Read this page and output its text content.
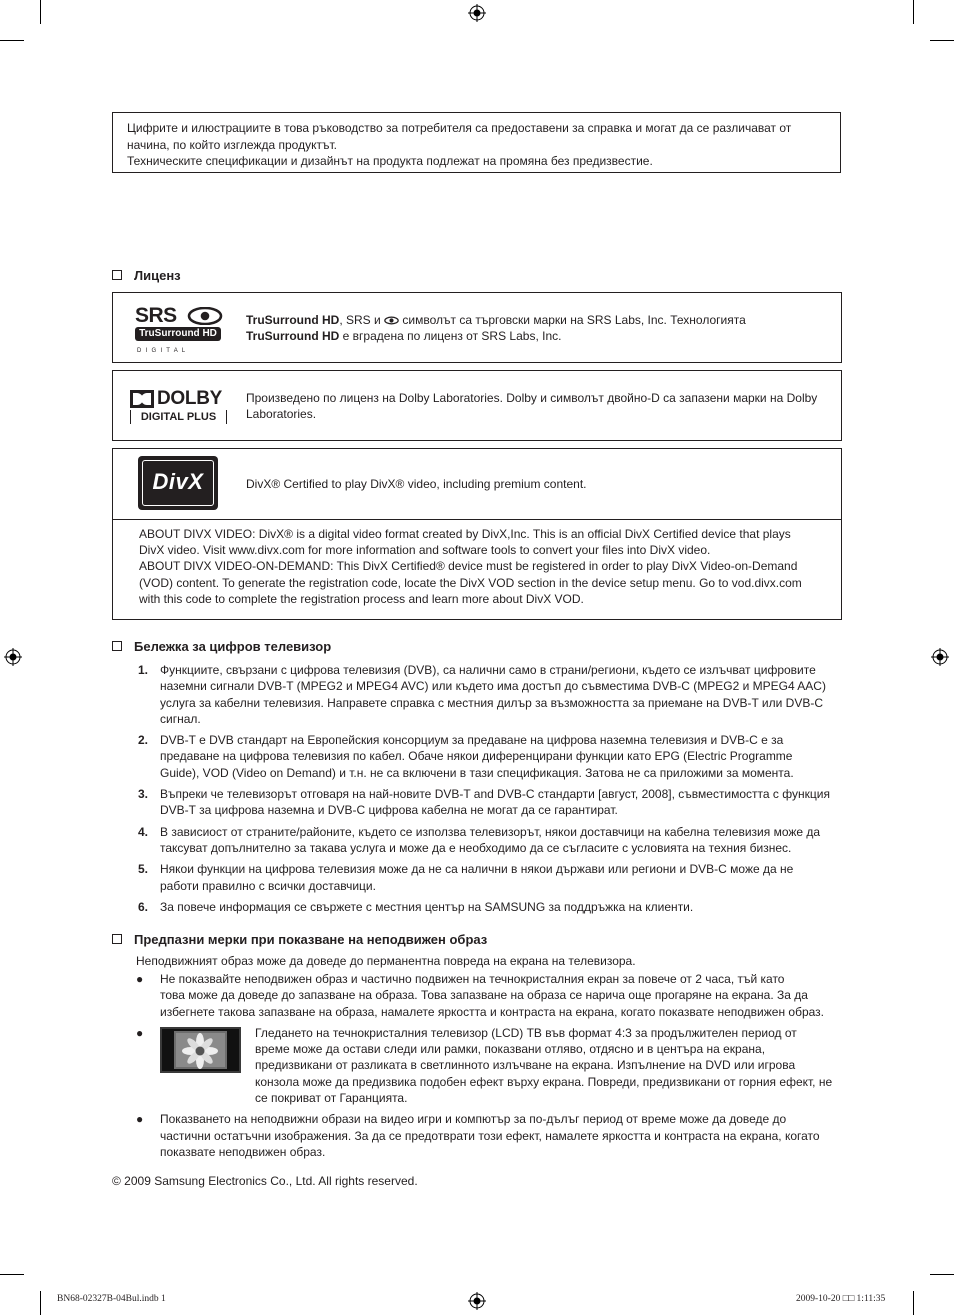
Цифрите и илюстрациите в това ръководство за потребителя са предоставени за справка и могат да се различават от
начина, по който изглежда продуктът.
Техническите спецификации и дизайнът на продукта подлежат на промяна без предизвестие.
Лиценз
SRS
TruSurround HD
D I G I T A L
TruSurround HD, SRS и символът са търговски марки на SRS Labs, Inc. Технологията
TruSurround HD е вградена по лиценз от SRS Labs, Inc.
DOLBY
DIGITAL PLUS
Произведено по лиценз на Dolby Laboratories. Dolby и символът двойно-D са запазени марки на Dolby
Laboratories.
DivX	DivX® Certified to play DivX® video, including premium content.
ABOUT DIVX VIDEO: DivX® is a digital video format created by DivX,Inc. This is an official DivX Certified device that plays
DivX video. Visit www.divx.com for more information and software tools to convert your files into DivX video.
ABOUT DIVX VIDEO-ON-DEMAND: This DivX Certified® device must be registered in order to play DivX Video-on-Demand
(VOD) content. To generate the registration code, locate the DivX VOD section in the device setup menu. Go to vod.divx.com
with this code to complete the registration process and learn more about DivX VOD.
Бележка за цифров телевизор
1. Функциите, свързани с цифрова телевизия (DVB), са налични само в страни/региони, където се излъчват цифровите
наземни сигнали DVB-T (MPEG2 и MPEG4 AVC) или където има достъп до съвместима DVB-C (MPEG2 и MPEG4 AAC)
услуга за кабелни телевизия. Направете справка с местния дилър за възможността за приемане на DVB-T или DVB-C
сигнал.
2. DVB-T е DVB стандарт на Европейския консорциум за предаване на цифрова наземна телевизия и DVB-C е за
предаване на цифрова телевизия по кабел. Обаче някои диференцирани функции като EPG (Electric Programme
Guide), VOD (Video on Demand) и т.н. не са включени в тази спецификация. Затова не са приложими за момента.
3. Въпреки че телевизорът отговаря на най-новите DVB-T and DVB-C стандарти [август, 2008], съвместимостта с функция
DVB-T за цифрова наземна и DVB-C цифрова кабелна не могат да се гарантират.
4. В зависиост от страните/районите, където се използва телевизорът, някои доставчици на кабелна телевизия може да
таксуват допълнително за такава услуга и може да е необходимо да се съгласите с условията на техния бизнес.
5. Някои функции на цифрова телевизия може да не са налични в някои държави или региони и DVB-C може да не
работи правилно с всички доставчици.
6. За повече информация се свържете с местния център на SAMSUNG за поддръжка на клиенти.
Предпазни мерки при показване на неподвижен образ
Неподвижният образ може да доведе до перманентна повреда на екрана на телевизора.
● Не показвайте неподвижен образ и частично подвижен на течнокристалния екран за повече от 2 часа, тъй като
това може да доведе до запазване на образа. Това запазване на образа се нарича още прогаряне на екрана. За да
избегнете такова запазване на образа, намалете яркостта и контраста на екрана, когато показвате неподвижен образ.
●	Гледането на течнокристалния телевизор (LCD) ТВ във формат 4:3 за продължителен период от
време може да остави следи или рамки, показвани отляво, отдясно и в центъра на екрана,
предизвикани от разликата в светлинното излъчване на екрана. Изпълнение на DVD или игрова
конзола може да предизвика подобен ефект върху екрана. Повреди, предизвикани от горния ефект, не
се покриват от Гаранцията.
● Показването на неподвижни образи на видео игри и компютър за по-дълъг период от време може да доведе до
частични остатъчни изображения. За да се предотврати този ефект, намалете яркостта и контраста на екрана, когато
показвате неподвижен образ.
© 2009 Samsung Electronics Co., Ltd. All rights reserved.
BN68-02327B-04Bul.indb 1	2009-10-20 □□ 1:11:35
